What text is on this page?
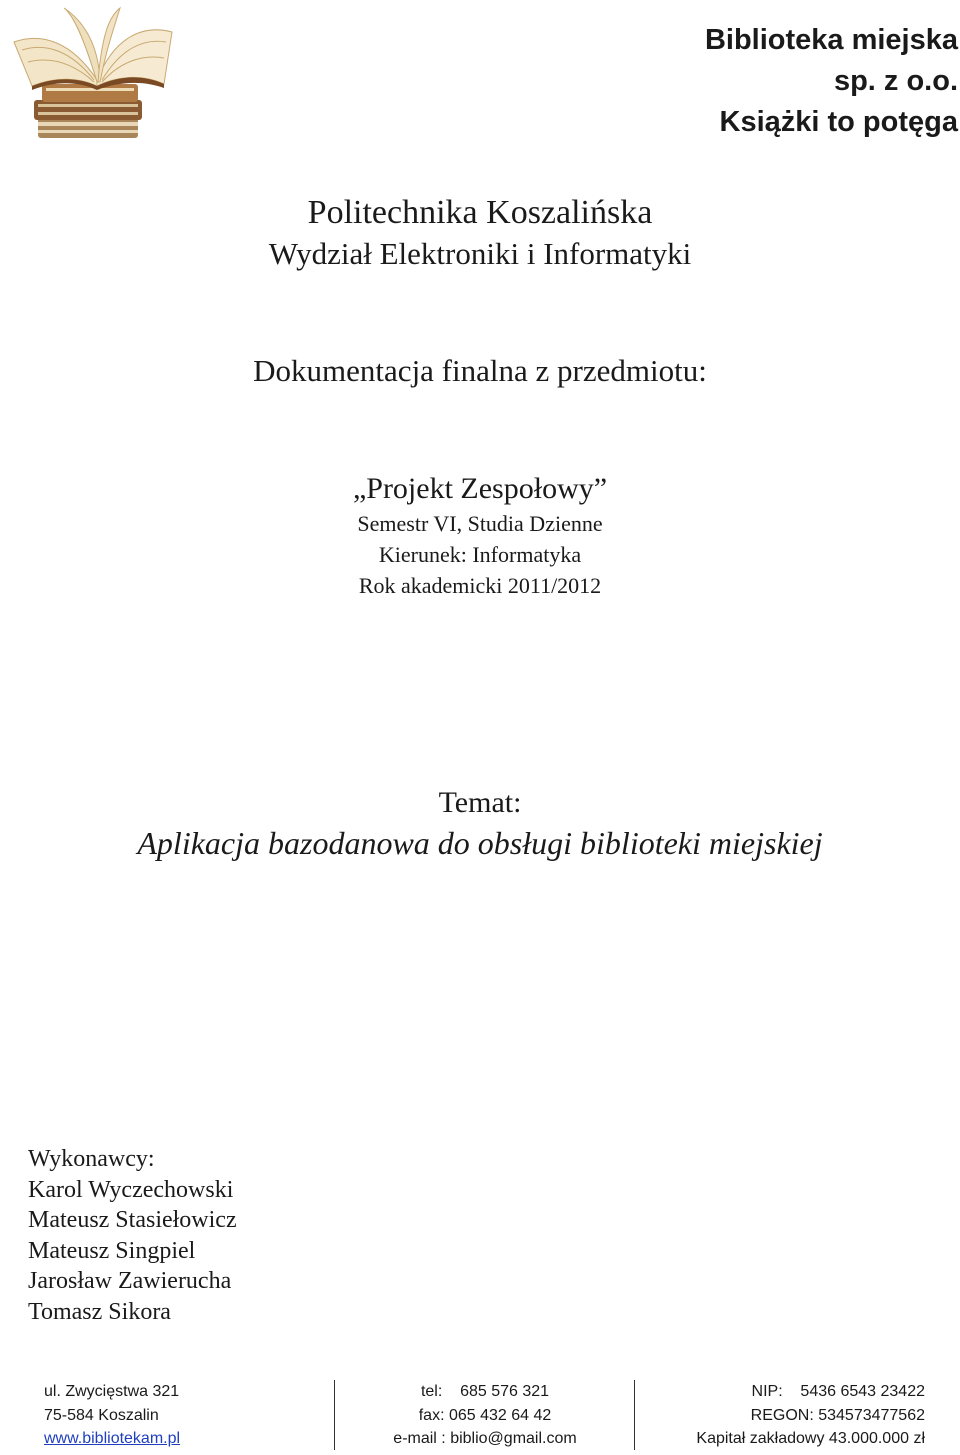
Biblioteka miejska
sp. z o.o.
Książki to potęga
Politechnika Koszalińska
Wydział Elektroniki i Informatyki
Dokumentacja finalna z przedmiotu:
„Projekt Zespołowy”
Semestr VI, Studia Dzienne
Kierunek: Informatyka
Rok akademicki 2011/2012
Temat:
Aplikacja bazodanowa do obsługi biblioteki miejskiej
Wykonawcy:
Karol Wyczechowski
Mateusz Stasiełowicz
Mateusz Singpiel
Jarosław Zawierucha
Tomasz Sikora
ul. Zwycięstwa 321
75-584 Koszalin
www.bibliotekam.pl
tel:    685 576 321
fax: 065 432 64 42
e-mail : biblio@gmail.com
NIP:    5436 6543 23422
REGON: 534573477562
Kapitał zakładowy 43.000.000 zł
